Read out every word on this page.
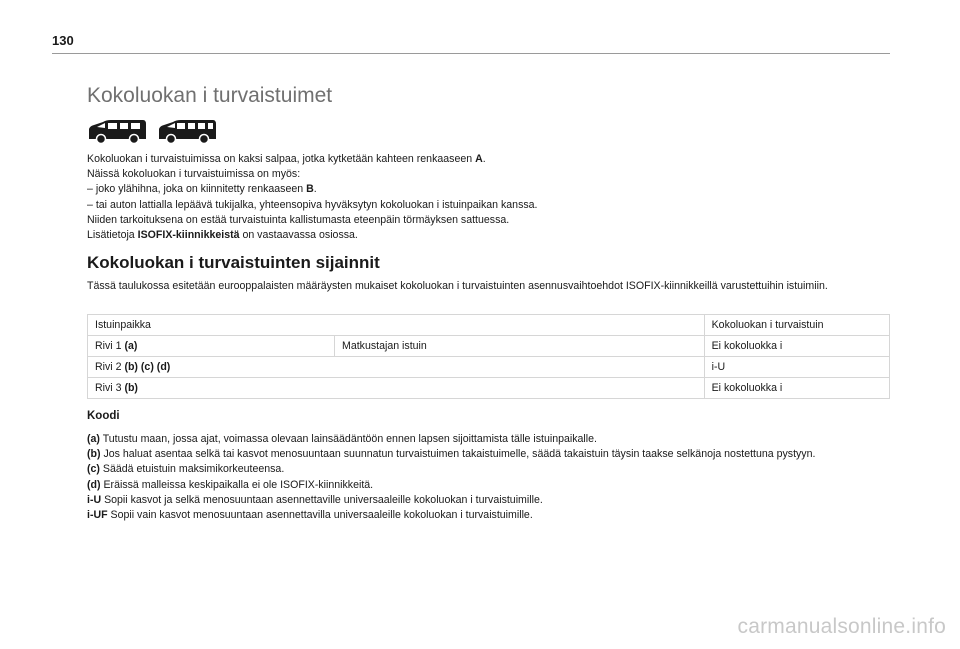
130
Kokoluokan i turvaistuimet

Kokoluokan i turvaistuimissa on kaksi salpaa, jotka kytketään kahteen renkaaseen A.

Näissä kokoluokan i turvaistuimissa on myös:

– joko ylähihna, joka on kiinnitetty renkaaseen B.

– tai auton lattialla lepäävä tukijalka, yhteensopiva hyväksytyn kokoluokan i istuinpaikan kanssa.

Niiden tarkoituksena on estää turvaistuinta kallistumasta eteenpäin törmäyksen sattuessa.

Lisätietoja ISOFIX-kiinnikkeistä on vastaavassa osiossa.

Kokoluokan i turvaistuinten sijainnit

Tässä taulukossa esitetään eurooppalaisten määräysten mukaiset kokoluokan i turvaistuinten asennusvaihtoehdot ISOFIX-kiinnikkeillä varustettuihin istuimiin.

Istuinpaikka		Kokoluokan i turvaistuin
Rivi 1 (a)	Matkustajan istuin	Ei kokoluokka i
Rivi 2 (b) (c) (d)		i-U
Rivi 3 (b)		Ei kokoluokka i
Koodi

(a) Tutustu maan, jossa ajat, voimassa olevaan lainsäädäntöön ennen lapsen sijoittamista tälle istuinpaikalle.

(b) Jos haluat asentaa selkä tai kasvot menosuuntaan suunnatun turvaistuimen takaistuimelle, säädä takaistuin täysin taakse selkänoja nostettuna pystyyn.

(c) Säädä etuistuin maksimikorkeuteensa.

(d) Eräissä malleissa keskipaikalla ei ole ISOFIX-kiinnikkeitä.

i-U Sopii kasvot ja selkä menosuuntaan asennettaville universaaleille kokoluokan i turvaistuimille.

i-UF Sopii vain kasvot menosuuntaan asennettavilla universaaleille kokoluokan i turvaistuimille.

carmanualsonline.info
